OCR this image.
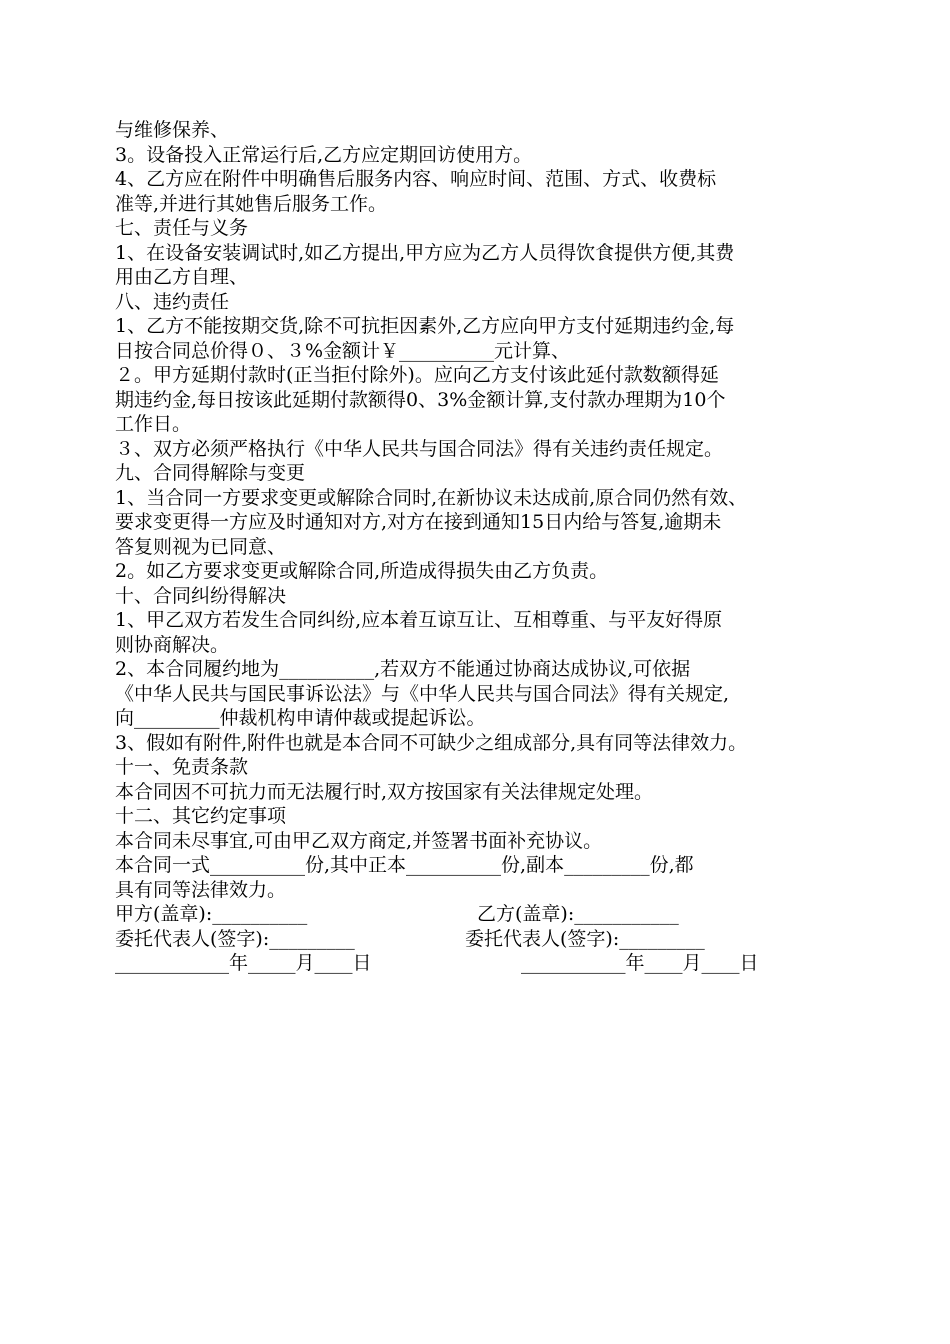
与维修保养、
3。设备投入正常运行后,乙方应定期回访使用方。
4、乙方应在附件中明确售后服务内容、响应时间、范围、方式、收费标
准等,并进行其她售后服务工作。
七、责任与义务
1、在设备安装调试时,如乙方提出,甲方应为乙方人员得饮食提供方便,其费
用由乙方自理、
八、违约责任
1、乙方不能按期交货,除不可抗拒因素外,乙方应向甲方支付延期违约金,每
日按合同总价得０、３%金额计￥__________元计算、
２。甲方延期付款时(正当拒付除外)。应向乙方支付该此延付款数额得延
期违约金,每日按该此延期付款额得0、3%金额计算,支付款办理期为10个
工作日。
３、双方必须严格执行《中华人民共与国合同法》得有关违约责任规定。
九、合同得解除与变更
1、当合同一方要求变更或解除合同时,在新协议未达成前,原合同仍然有效、
要求变更得一方应及时通知对方,对方在接到通知15日内给与答复,逾期未
答复则视为已同意、
2。如乙方要求变更或解除合同,所造成得损失由乙方负责。
十、合同纠纷得解决
1、甲乙双方若发生合同纠纷,应本着互谅互让、互相尊重、与平友好得原
则协商解决。
2、本合同履约地为__________,若双方不能通过协商达成协议,可依据
《中华人民共与国民事诉讼法》与《中华人民共与国合同法》得有关规定,
向_________仲裁机构申请仲裁或提起诉讼。
3、假如有附件,附件也就是本合同不可缺少之组成部分,具有同等法律效力。
十一、免责条款
本合同因不可抗力而无法履行时,双方按国家有关法律规定处理。
十二、其它约定事项
本合同未尽事宜,可由甲乙双方商定,并签署书面补充协议。
本合同一式__________份,其中正本__________份,副本_________份,都
具有同等法律效力。
甲方(盖章):__________	乙方(盖章):___________
委托代表人(签字):_________	委托代表人(签字):_________
____________年_____月____日	___________年____月____日
